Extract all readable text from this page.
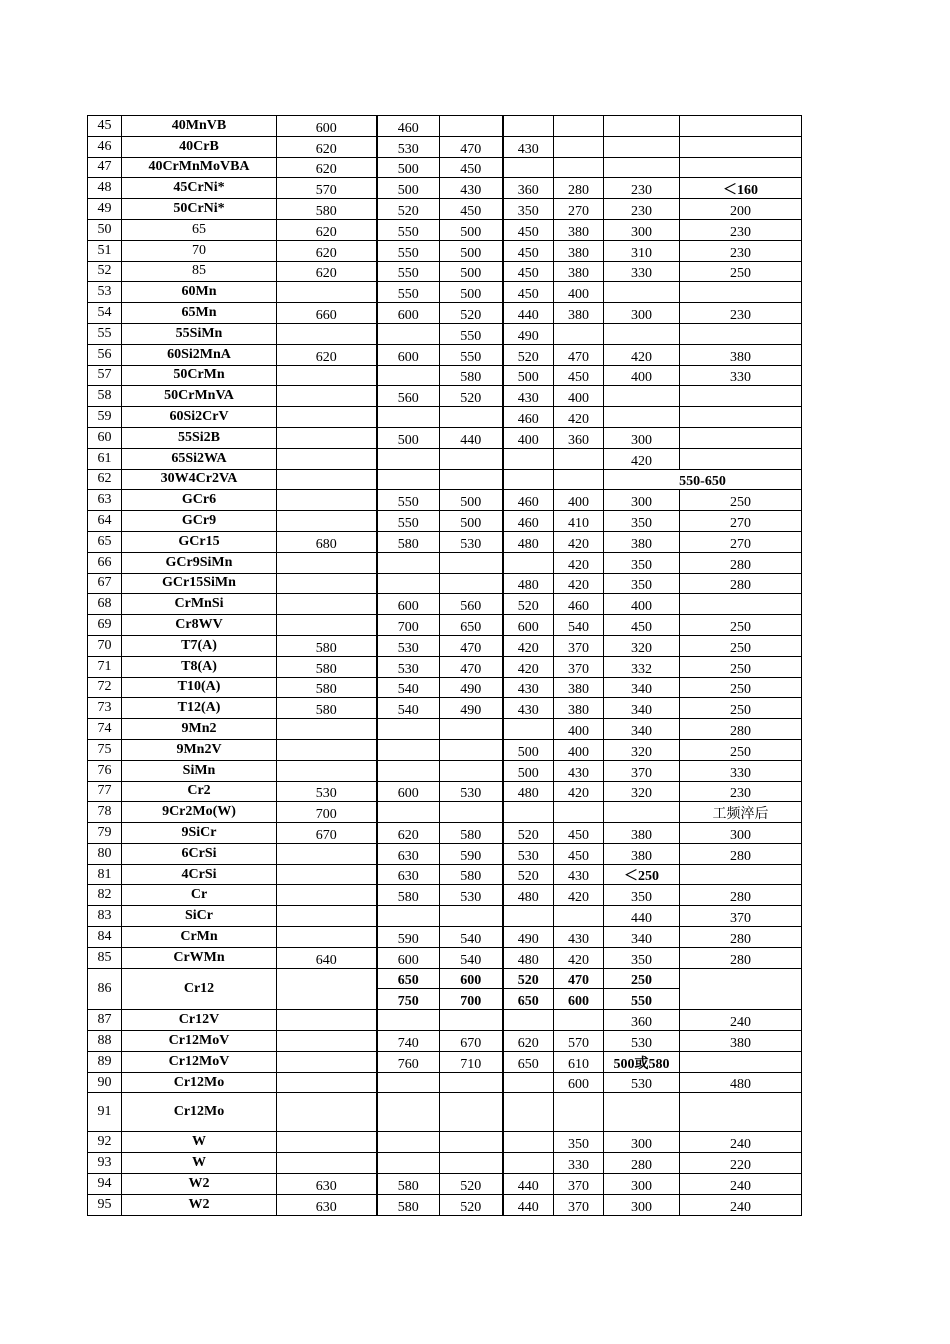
45	40MnVB	600	460					
46	40CrB	620	530	470	430			
47	40CrMnMoVBA	620	500	450				
48	45CrNi*	570	500	430	360	280	230	＜160
49	50CrNi*	580	520	450	350	270	230	200
50	65	620	550	500	450	380	300	230
51	70	620	550	500	450	380	310	230
52	85	620	550	500	450	380	330	250
53	60Mn		550	500	450	400		
54	65Mn	660	600	520	440	380	300	230
55	55SiMn			550	490			
56	60Si2MnA	620	600	550	520	470	420	380
57	50CrMn			580	500	450	400	330
58	50CrMnVA		560	520	430	400		
59	60Si2CrV				460	420		
60	55Si2B		500	440	400	360	300	
61	65Si2WA						420	
62	30W4Cr2VA						550-650	
63	GCr6		550	500	460	400	300	250
64	GCr9		550	500	460	410	350	270
65	GCr15	680	580	530	480	420	380	270
66	GCr9SiMn					420	350	280
67	GCr15SiMn				480	420	350	280
68	CrMnSi		600	560	520	460	400	
69	Cr8WV		700	650	600	540	450	250
70	T7(A)	580	530	470	420	370	320	250
71	T8(A)	580	530	470	420	370	332	250
72	T10(A)	580	540	490	430	380	340	250
73	T12(A)	580	540	490	430	380	340	250
74	9Mn2					400	340	280
75	9Mn2V				500	400	320	250
76	SiMn				500	430	370	330
77	Cr2	530	600	530	480	420	320	230
78	9Cr2Mo(W)	700						工频淬后
79	9SiCr	670	620	580	520	450	380	300
80	6CrSi		630	590	530	450	380	280
81	4CrSi		630	580	520	430	＜250	
82	Cr		580	530	480	420	350	280
83	SiCr						440	370
84	CrMn		590	540	490	430	340	280
85	CrWMn	640	600	540	480	420	350	280
86	Cr12		650	600	520	470	250	
			750	700	650	600	550	
87	Cr12V						360	240
88	Cr12MoV		740	670	620	570	530	380
89	Cr12MoV		760	710	650	610	500或580	
90	Cr12Mo					600	530	480
91	Cr12Mo							
92	W					350	300	240
93	W					330	280	220
94	W2	630	580	520	440	370	300	240
95	W2	630	580	520	440	370	300	240
